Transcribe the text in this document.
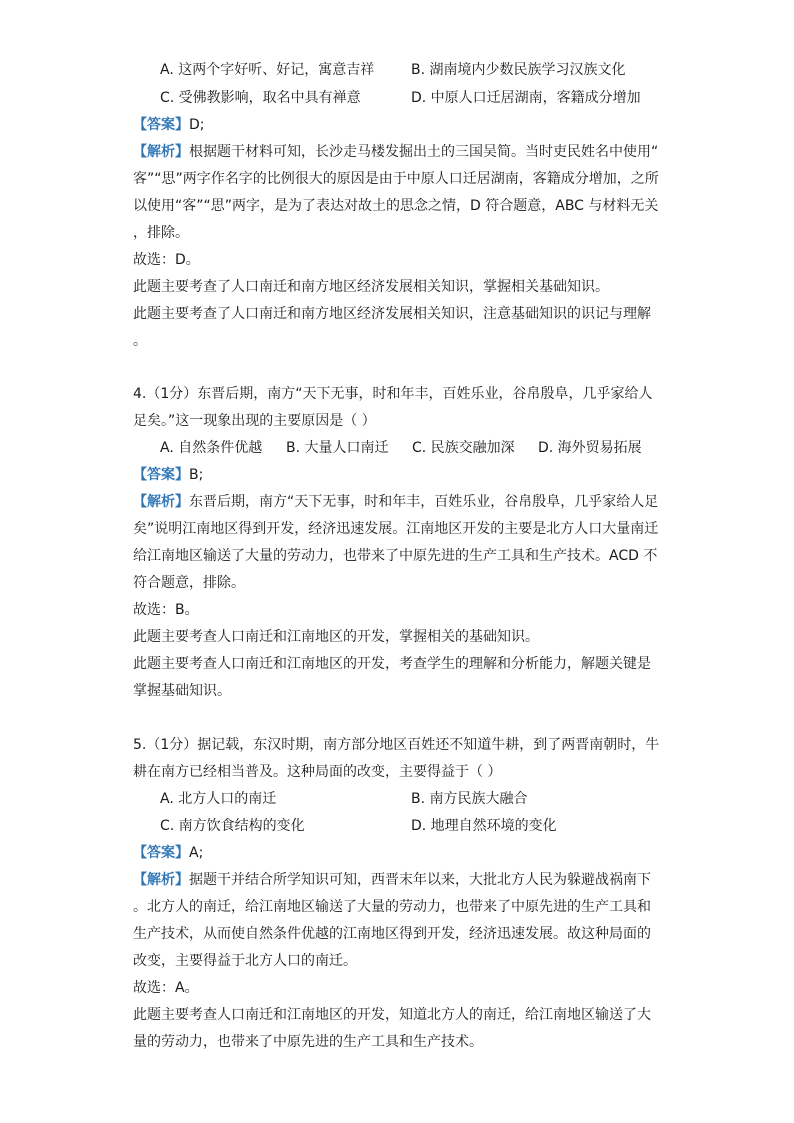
A. 这两个字好听、好记，寓意吉祥	B. 湖南境内少数民族学习汉族文化
C. 受佛教影响，取名中具有禅意	D. 中原人口迁居湖南，客籍成分增加
【答案】D;
【解析】根据题干材料可知，长沙走马楼发掘出土的三国吴简。当时吏民姓名中使用“
客”“思”两字作名字的比例很大的原因是由于中原人口迁居湖南，客籍成分增加，之所
以使用“客”“思”两字，是为了表达对故土的思念之情，D 符合题意，ABC 与材料无关
，排除。
故选：D。
此题主要考查了人口南迁和南方地区经济发展相关知识，掌握相关基础知识。
此题主要考查了人口南迁和南方地区经济发展相关知识，注意基础知识的识记与理解
。
4.（1分）东晋后期，南方“天下无事，时和年丰，百姓乐业，谷帛殷阜，几乎家给人
足矣。”这一现象出现的主要原因是（ ）
A. 自然条件优越 B. 大量人口南迁 C. 民族交融加深 D. 海外贸易拓展
【答案】B;
【解析】东晋后期，南方“天下无事，时和年丰，百姓乐业，谷帛殷阜，几乎家给人足
矣”说明江南地区得到开发，经济迅速发展。江南地区开发的主要是北方人口大量南迁
给江南地区输送了大量的劳动力，也带来了中原先进的生产工具和生产技术。ACD 不
符合题意，排除。
故选：B。
此题主要考查人口南迁和江南地区的开发，掌握相关的基础知识。
此题主要考查人口南迁和江南地区的开发，考查学生的理解和分析能力，解题关键是
掌握基础知识。
5.（1分）据记载，东汉时期，南方部分地区百姓还不知道牛耕，到了两晋南朝时，牛
耕在南方已经相当普及。这种局面的改变，主要得益于（ ）
A. 北方人口的南迁	B. 南方民族大融合
C. 南方饮食结构的变化	D. 地理自然环境的变化
【答案】A;
【解析】据题干并结合所学知识可知，西晋末年以来，大批北方人民为躲避战祸南下
。北方人的南迁，给江南地区输送了大量的劳动力，也带来了中原先进的生产工具和
生产技术，从而使自然条件优越的江南地区得到开发，经济迅速发展。故这种局面的
改变，主要得益于北方人口的南迁。
故选：A。
此题主要考查人口南迁和江南地区的开发，知道北方人的南迁，给江南地区输送了大
量的劳动力，也带来了中原先进的生产工具和生产技术。
